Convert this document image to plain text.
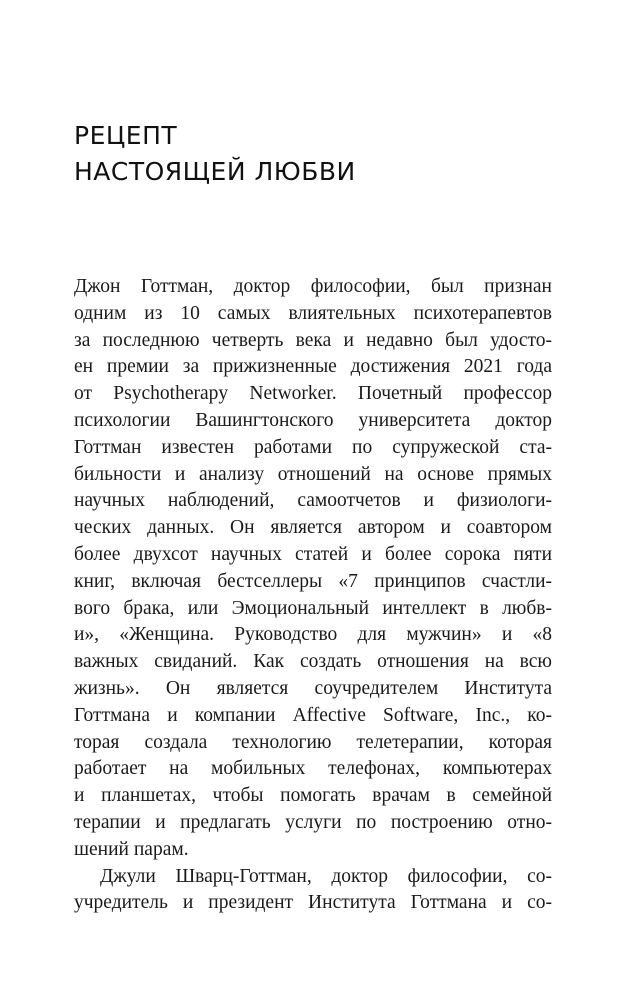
РЕЦЕПТ
НАСТОЯЩЕЙ ЛЮБВИ

Джон Готтман, доктор философии, был признан
одним из 10 самых влиятельных психотерапевтов
за последнюю четверть века и недавно был удосто-
ен премии за прижизненные достижения 2021 года
от Psychotherapy Networker. Почетный профессор
психологии Вашингтонского университета доктор
Готтман известен работами по супружеской ста-
бильности и анализу отношений на основе прямых
научных наблюдений, самоотчетов и физиологи-
ческих данных. Он является автором и соавтором
более двухсот научных статей и более сорока пяти
книг, включая бестселлеры «7 принципов счастли-
вого брака, или Эмоциональный интеллект в любв-
и», «Женщина. Руководство для мужчин» и «8
важных свиданий. Как создать отношения на всю
жизнь». Он является соучредителем Института
Готтмана и компании Affective Software, Inc., ко-
торая создала технологию телетерапии, которая
работает на мобильных телефонах, компьютерах
и планшетах, чтобы помогать врачам в семейной
терапии и предлагать услуги по построению отно-
шений парам.

Джули Шварц-Готтман, доктор философии, со-
учредитель и президент Института Готтмана и со-
